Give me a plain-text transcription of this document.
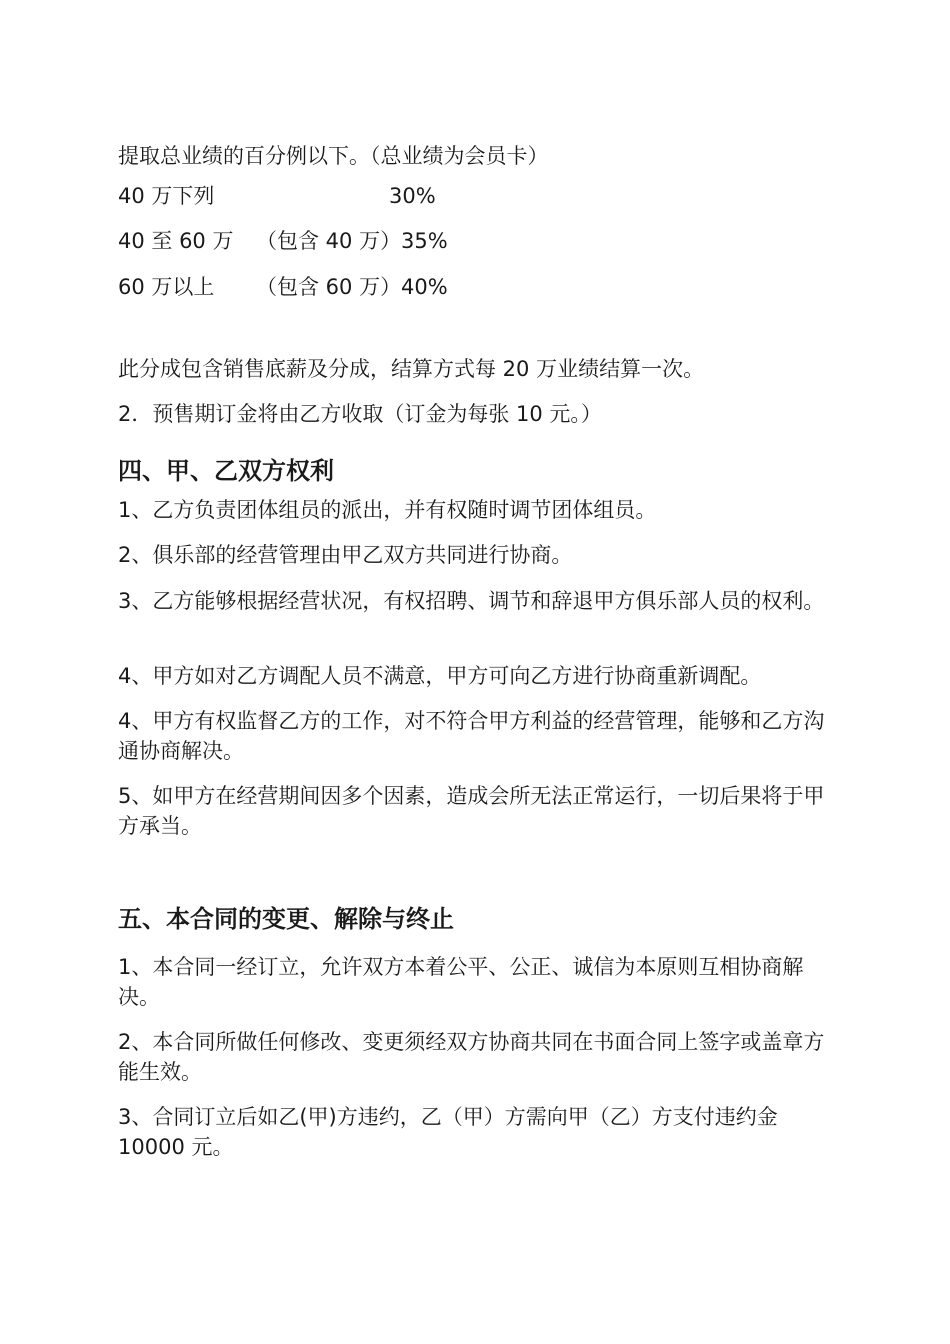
提取总业绩的百分例以下。（总业绩为会员卡）
40 万下列	30%
40 至 60 万 （包含 40 万）35%
60 万以上 （包含 60 万）40%
此分成包含销售底薪及分成，结算方式每 20 万业绩结算一次。
2．预售期订金将由乙方收取（订金为每张 10 元。）
四、甲、乙双方权利
1、乙方负责团体组员的派出，并有权随时调节团体组员。
2、俱乐部的经营管理由甲乙双方共同进行协商。
3、乙方能够根据经营状况，有权招聘、调节和辞退甲方俱乐部人员的权利。
4、甲方如对乙方调配人员不满意，甲方可向乙方进行协商重新调配。
4、甲方有权监督乙方的工作，对不符合甲方利益的经营管理，能够和乙方沟通协商解决。
5、如甲方在经营期间因多个因素，造成会所无法正常运行，一切后果将于甲方承当。
五、本合同的变更、解除与终止
1、本合同一经订立，允许双方本着公平、公正、诚信为本原则互相协商解决。
2、本合同所做任何修改、变更须经双方协商共同在书面合同上签字或盖章方能生效。
3、合同订立后如乙(甲)方违约，乙（甲）方需向甲（乙）方支付违约金 10000 元。
